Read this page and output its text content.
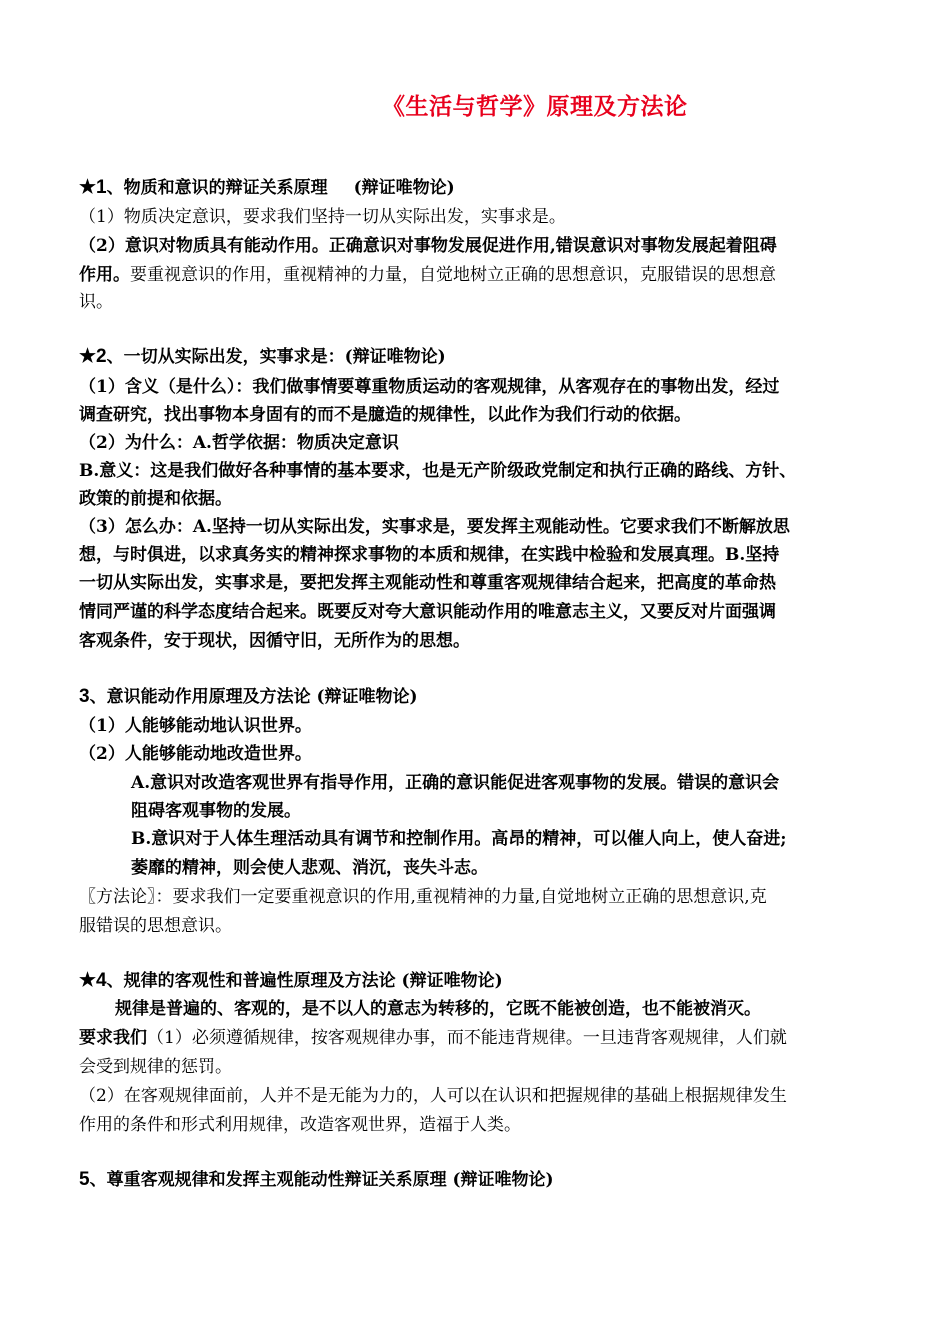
《生活与哲学》原理及方法论
★1、物质和意识的辩证关系原理 (辩证唯物论)
（1）物质决定意识，要求我们坚持一切从实际出发，实事求是。
（2）意识对物质具有能动作用。正确意识对事物发展促进作用,错误意识对事物发展起着阻碍
作用。要重视意识的作用，重视精神的力量，自觉地树立正确的思想意识，克服错误的思想意
识。
★2、一切从实际出发，实事求是：(辩证唯物论)
（1）含义（是什么）：我们做事情要尊重物质运动的客观规律，从客观存在的事物出发，经过
调查研究，找出事物本身固有的而不是臆造的规律性，以此作为我们行动的依据。
（2）为什么：A.哲学依据：物质决定意识
B.意义：这是我们做好各种事情的基本要求，也是无产阶级政党制定和执行正确的路线、方针、
政策的前提和依据。
（3）怎么办：A.坚持一切从实际出发，实事求是，要发挥主观能动性。它要求我们不断解放思
想，与时俱进，以求真务实的精神探求事物的本质和规律，在实践中检验和发展真理。B.坚持
一切从实际出发，实事求是，要把发挥主观能动性和尊重客观规律结合起来，把高度的革命热
情同严谨的科学态度结合起来。既要反对夸大意识能动作用的唯意志主义，又要反对片面强调
客观条件，安于现状，因循守旧，无所作为的思想。
3、意识能动作用原理及方法论 (辩证唯物论)
（1）人能够能动地认识世界。
（2）人能够能动地改造世界。
A.意识对改造客观世界有指导作用，正确的意识能促进客观事物的发展。错误的意识会
阻碍客观事物的发展。
B.意识对于人体生理活动具有调节和控制作用。高昂的精神，可以催人向上，使人奋进;
萎靡的精神，则会使人悲观、消沉，丧失斗志。
〖方法论〗：要求我们一定要重视意识的作用,重视精神的力量,自觉地树立正确的思想意识,克
服错误的思想意识。
★4、规律的客观性和普遍性原理及方法论 (辩证唯物论)
规律是普遍的、客观的，是不以人的意志为转移的，它既不能被创造，也不能被消灭。
要求我们（1）必须遵循规律，按客观规律办事，而不能违背规律。一旦违背客观规律，人们就
会受到规律的惩罚。
（2）在客观规律面前，人并不是无能为力的，人可以在认识和把握规律的基础上根据规律发生
作用的条件和形式利用规律，改造客观世界，造福于人类。
5、尊重客观规律和发挥主观能动性辩证关系原理 (辩证唯物论)
